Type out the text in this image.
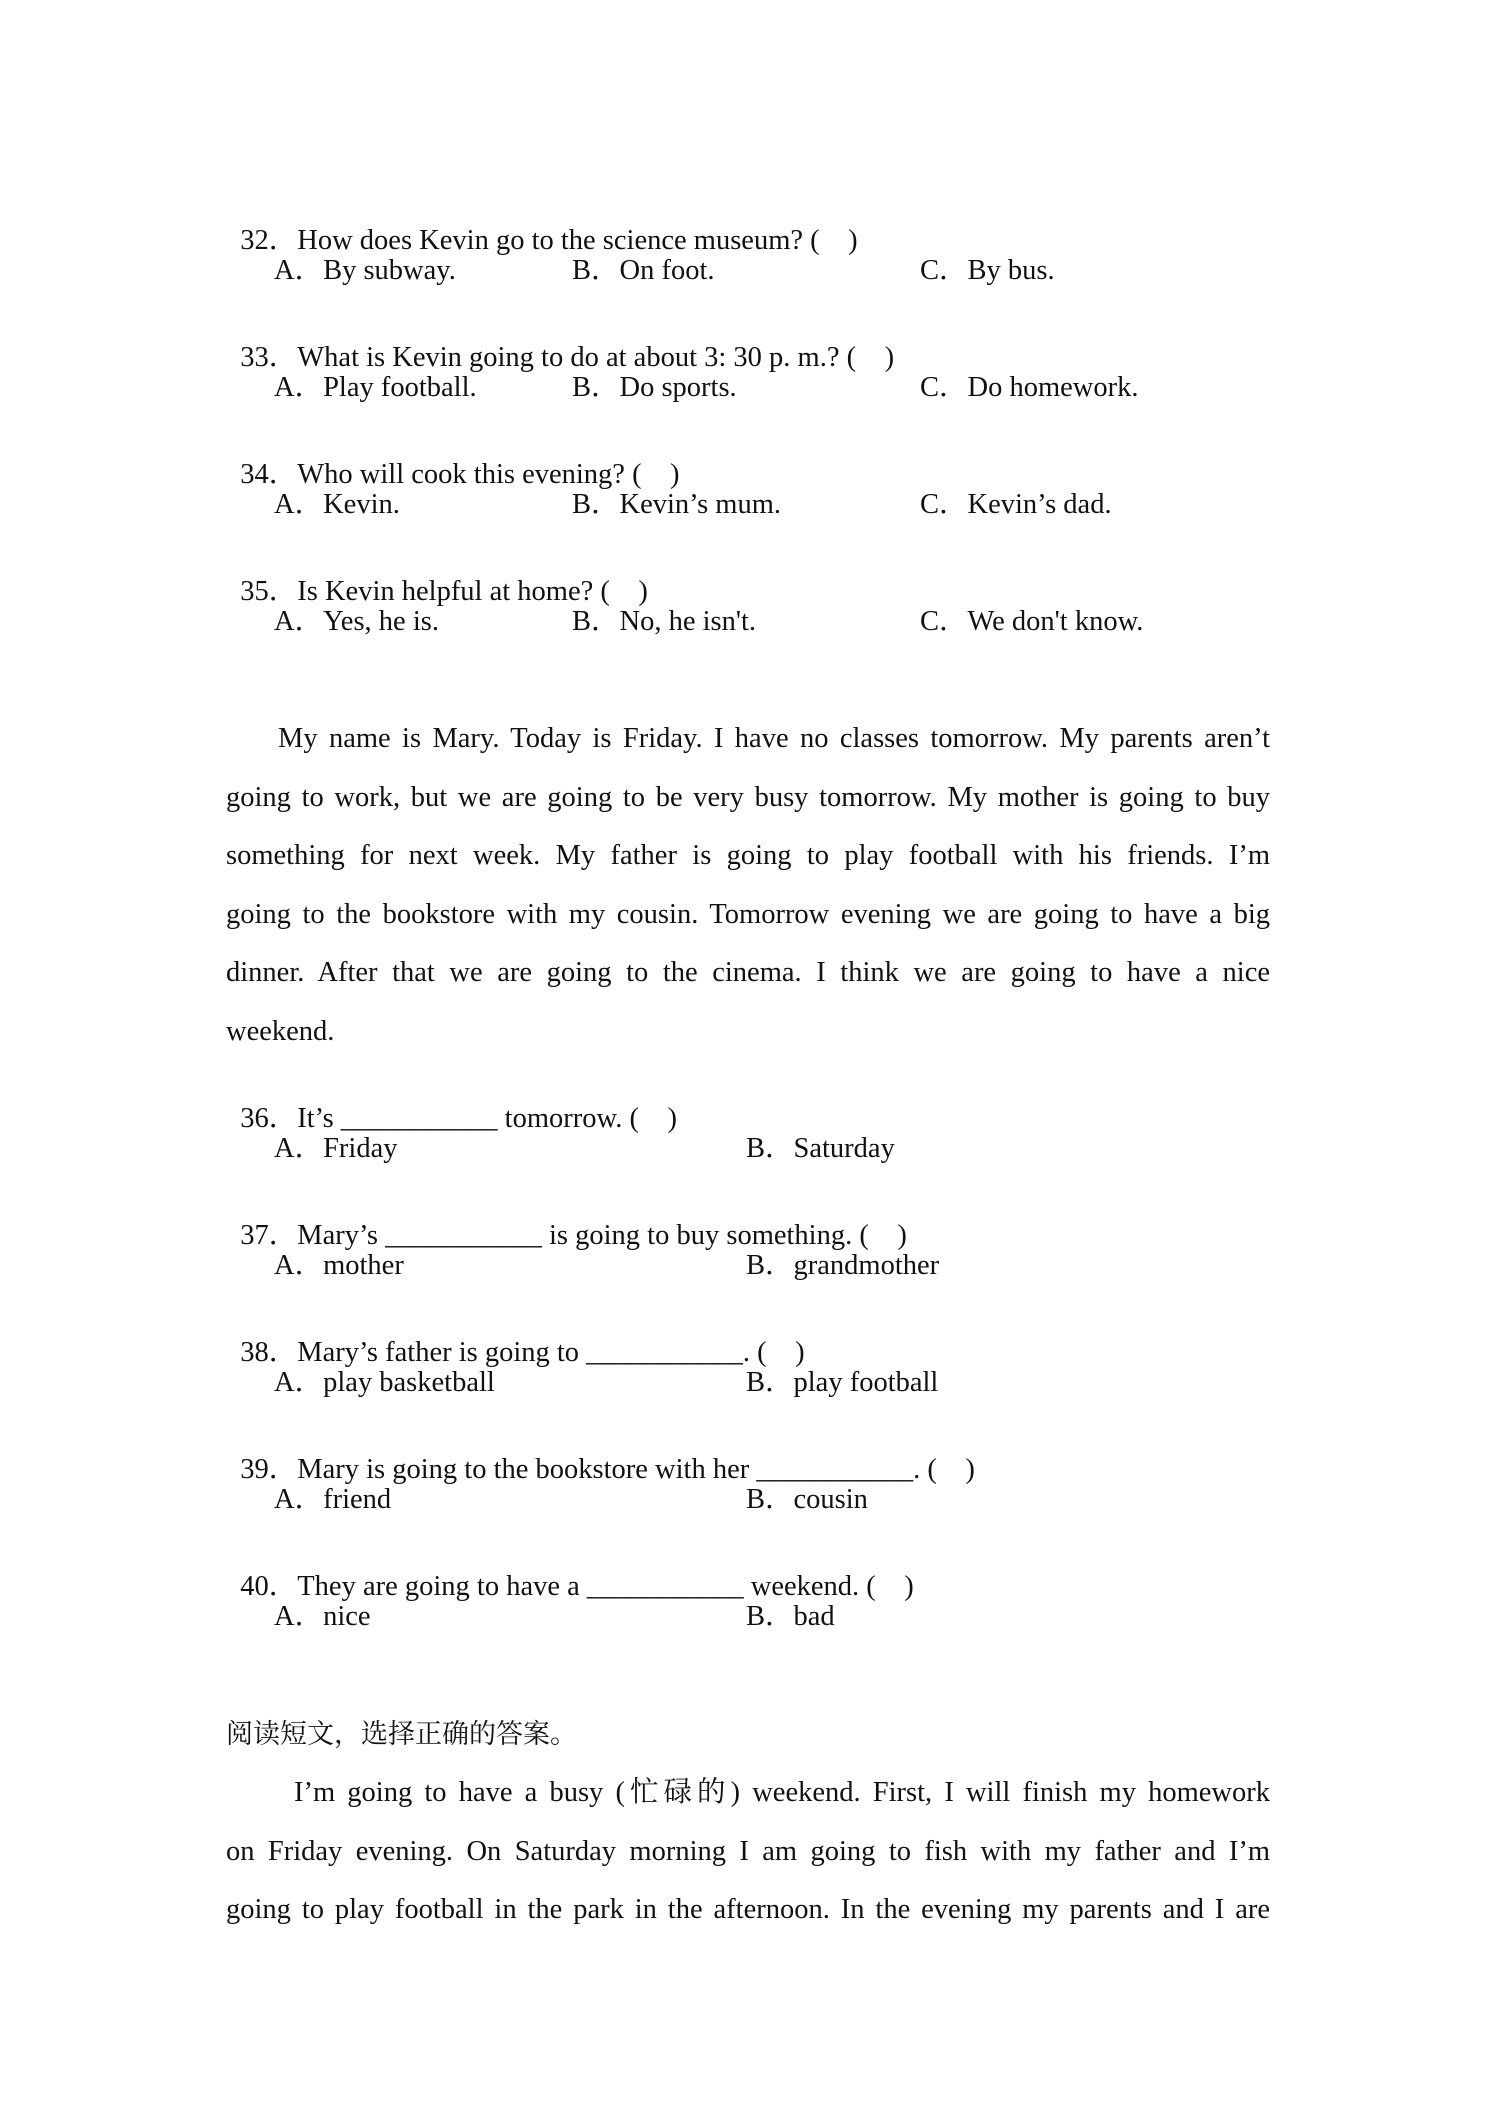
32．How does Kevin go to the science museum? (    )

A．By subway.	B．On foot.	C．By bus.

33．What is Kevin going to do at about 3: 30 p. m.? (    )

A．Play football.	B．Do sports.	C．Do homework.

34．Who will cook this evening? (    )

A．Kevin.	B．Kevin’s mum.	C．Kevin’s dad.

35．Is Kevin helpful at home? (    )

A．Yes, he is.	B．No, he isn't.	C．We don't know.
My name is Mary. Today is Friday. I have no classes tomorrow. My parents aren’t
going to work, but we are going to be very busy tomorrow. My mother is going to buy
something for next week. My father is going to play football with his friends. I’m
going to the bookstore with my cousin. Tomorrow evening we are going to have a big
dinner. After that we are going to the cinema. I think we are going to have a nice
weekend.

36．It’s ___________ tomorrow. (    )

A．Friday	B．Saturday

37．Mary’s ___________ is going to buy something. (    )

A．mother	B．grandmother

38．Mary’s father is going to ___________. (    )

A．play basketball	B．play football

39．Mary is going to the bookstore with her ___________. (    )

A．friend	B．cousin

40．They are going to have a ___________ weekend. (    )

A．nice	B．bad
阅读短文，选择正确的答案。
I’m going to have a busy (忙碌的) weekend. First, I will finish my homework
on Friday evening. On Saturday morning I am going to fish with my father and I’m
going to play football in the park in the afternoon. In the evening my parents and I are
